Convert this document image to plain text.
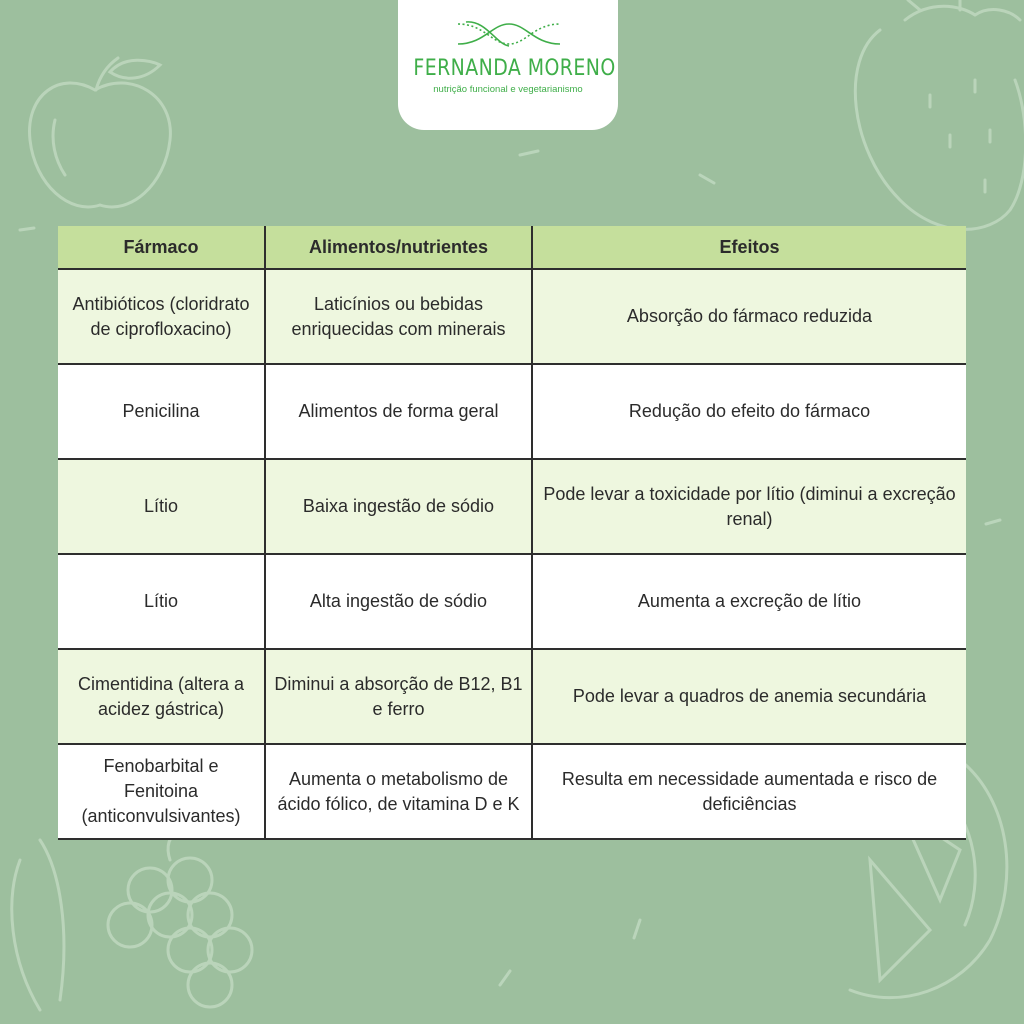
FERNANDA MORENO
nutrição funcional e vegetarianismo
Fármaco	Alimentos/nutrientes	Efeitos
Antibióticos (cloridrato de ciprofloxacino)	Laticínios ou bebidas enriquecidas com minerais	Absorção do fármaco reduzida
Penicilina	Alimentos de forma geral	Redução do efeito do fármaco
Lítio	Baixa ingestão de sódio	Pode levar a toxicidade por lítio (diminui a excreção renal)
Lítio	Alta ingestão de sódio	Aumenta a excreção de lítio
Cimentidina (altera a acidez gástrica)	Diminui a absorção de B12, B1 e ferro	Pode levar a quadros de anemia secundária
Fenobarbital e Fenitoina (anticonvulsivantes)	Aumenta o metabolismo de ácido fólico, de vitamina D e K	Resulta em necessidade aumentada e risco de deficiências
